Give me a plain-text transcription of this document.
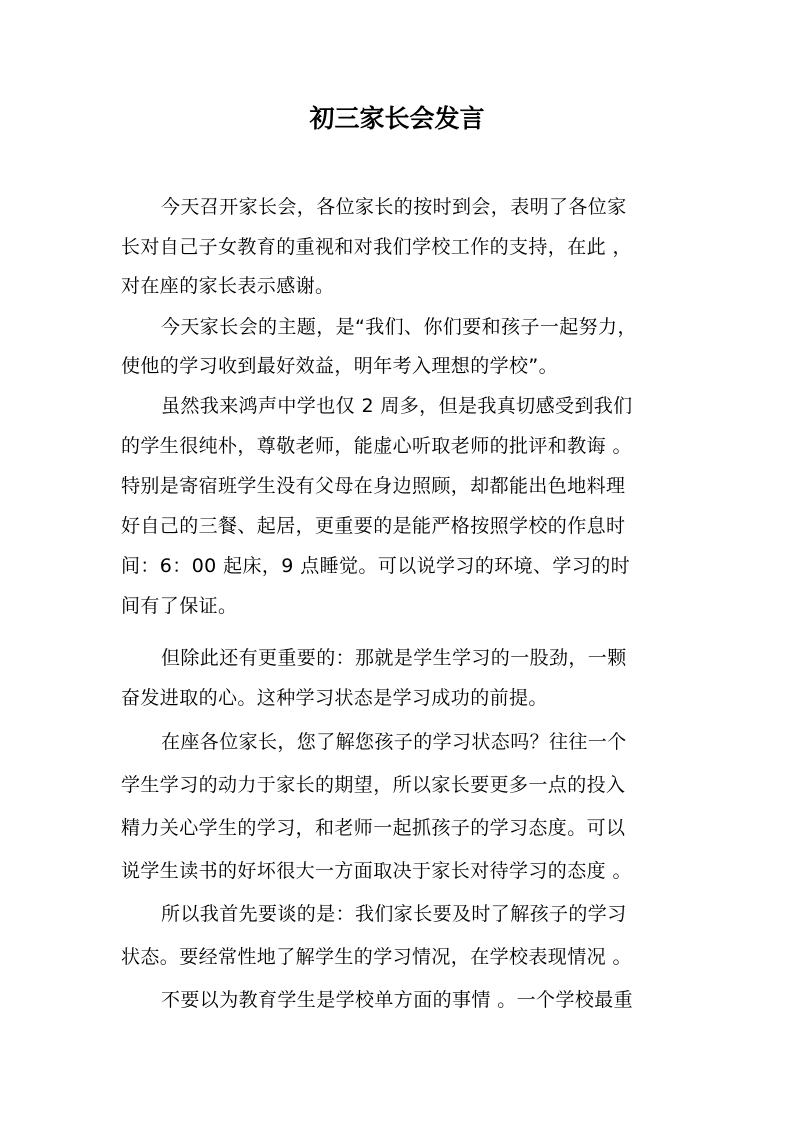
初三家长会发言
今天召开家长会，各位家长的按时到会，表明了各位家
长对自己子女教育的重视和对我们学校工作的支持，在此 ，
对在座的家长表示感谢。
今天家长会的主题，是“我们、你们要和孩子一起努力，
使他的学习收到最好效益，明年考入理想的学校”。
虽然我来鸿声中学也仅 2 周多，但是我真切感受到我们
的学生很纯朴，尊敬老师，能虚心听取老师的批评和教诲 。
特别是寄宿班学生没有父母在身边照顾，却都能出色地料理
好自己的三餐、起居，更重要的是能严格按照学校的作息时
间：6：00 起床，9 点睡觉。可以说学习的环境、学习的时
间有了保证。
但除此还有更重要的：那就是学生学习的一股劲，一颗
奋发进取的心。这种学习状态是学习成功的前提。
在座各位家长，您了解您孩子的学习状态吗？往往一个
学生学习的动力于家长的期望，所以家长要更多一点的投入
精力关心学生的学习，和老师一起抓孩子的学习态度。可以
说学生读书的好坏很大一方面取决于家长对待学习的态度 。
所以我首先要谈的是：我们家长要及时了解孩子的学习
状态。要经常性地了解学生的学习情况，在学校表现情况 。
不要以为教育学生是学校单方面的事情 。一个学校最重
